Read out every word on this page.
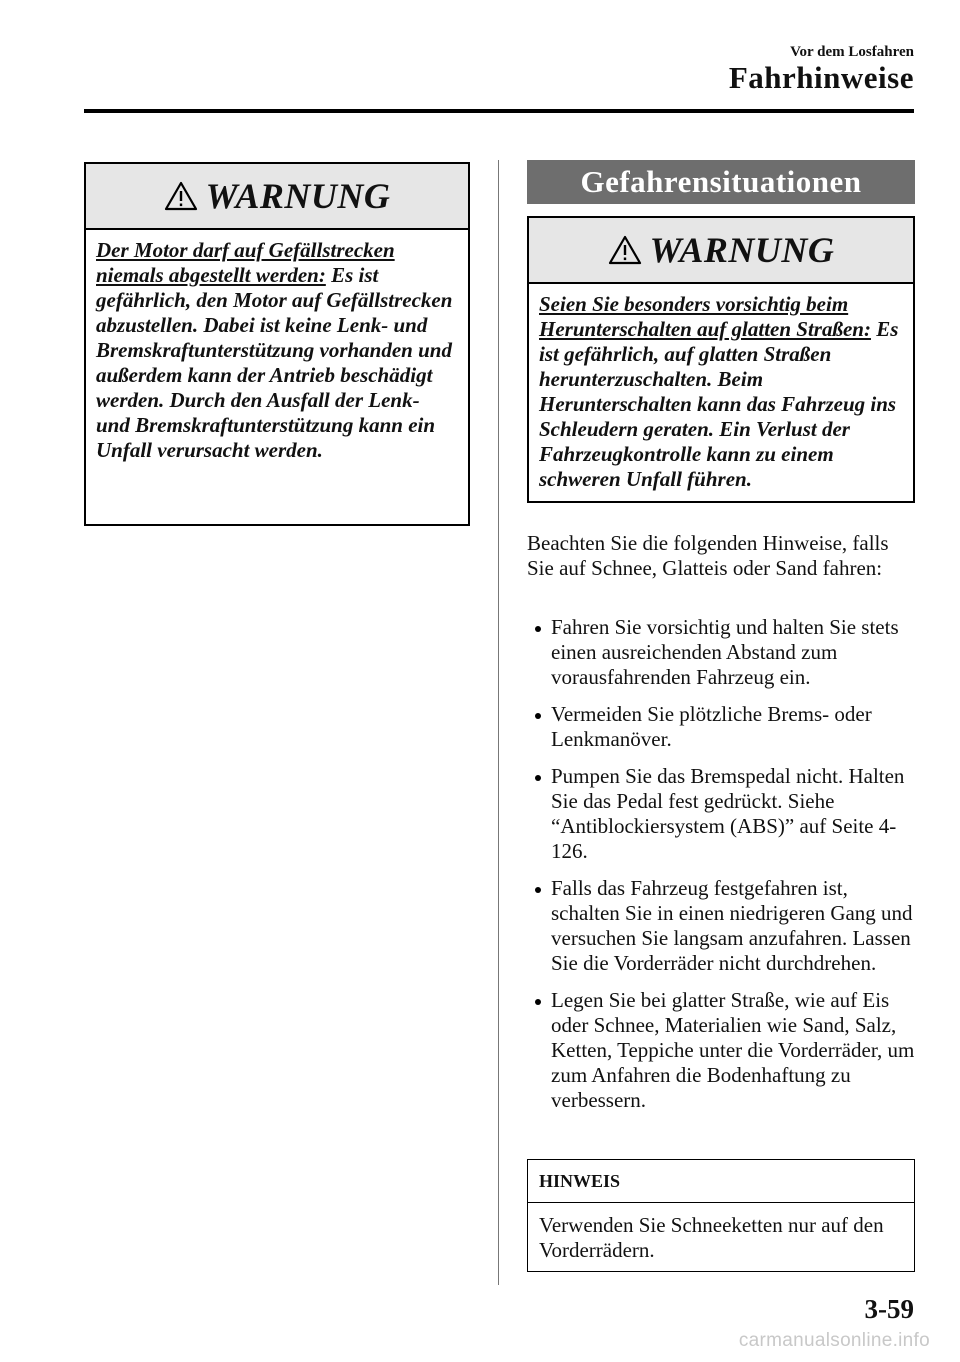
Vor dem Losfahren
Fahrhinweise
WARNUNG
Der Motor darf auf Gefällstrecken niemals abgestellt werden: Es ist gefährlich, den Motor auf Gefällstrecken abzustellen. Dabei ist keine Lenk- und Bremskraftunterstützung vorhanden und außerdem kann der Antrieb beschädigt werden. Durch den Ausfall der Lenk- und Bremskraftunterstützung kann ein Unfall verursacht werden.
Gefahrensituationen
WARNUNG
Seien Sie besonders vorsichtig beim Herunterschalten auf glatten Straßen: Es ist gefährlich, auf glatten Straßen herunterzuschalten. Beim Herunterschalten kann das Fahrzeug ins Schleudern geraten. Ein Verlust der Fahrzeugkontrolle kann zu einem schweren Unfall führen.
Beachten Sie die folgenden Hinweise, falls Sie auf Schnee, Glatteis oder Sand fahren:
Fahren Sie vorsichtig und halten Sie stets einen ausreichenden Abstand zum vorausfahrenden Fahrzeug ein.
Vermeiden Sie plötzliche Brems- oder Lenkmanöver.
Pumpen Sie das Bremspedal nicht. Halten Sie das Pedal fest gedrückt. Siehe “Antiblockiersystem (ABS)” auf Seite 4-126.
Falls das Fahrzeug festgefahren ist, schalten Sie in einen niedrigeren Gang und versuchen Sie langsam anzufahren. Lassen Sie die Vorderräder nicht durchdrehen.
Legen Sie bei glatter Straße, wie auf Eis oder Schnee, Materialien wie Sand, Salz, Ketten, Teppiche unter die Vorderräder, um zum Anfahren die Bodenhaftung zu verbessern.
HINWEIS
Verwenden Sie Schneeketten nur auf den Vorderrädern.
3-59
carmanualsonline.info
